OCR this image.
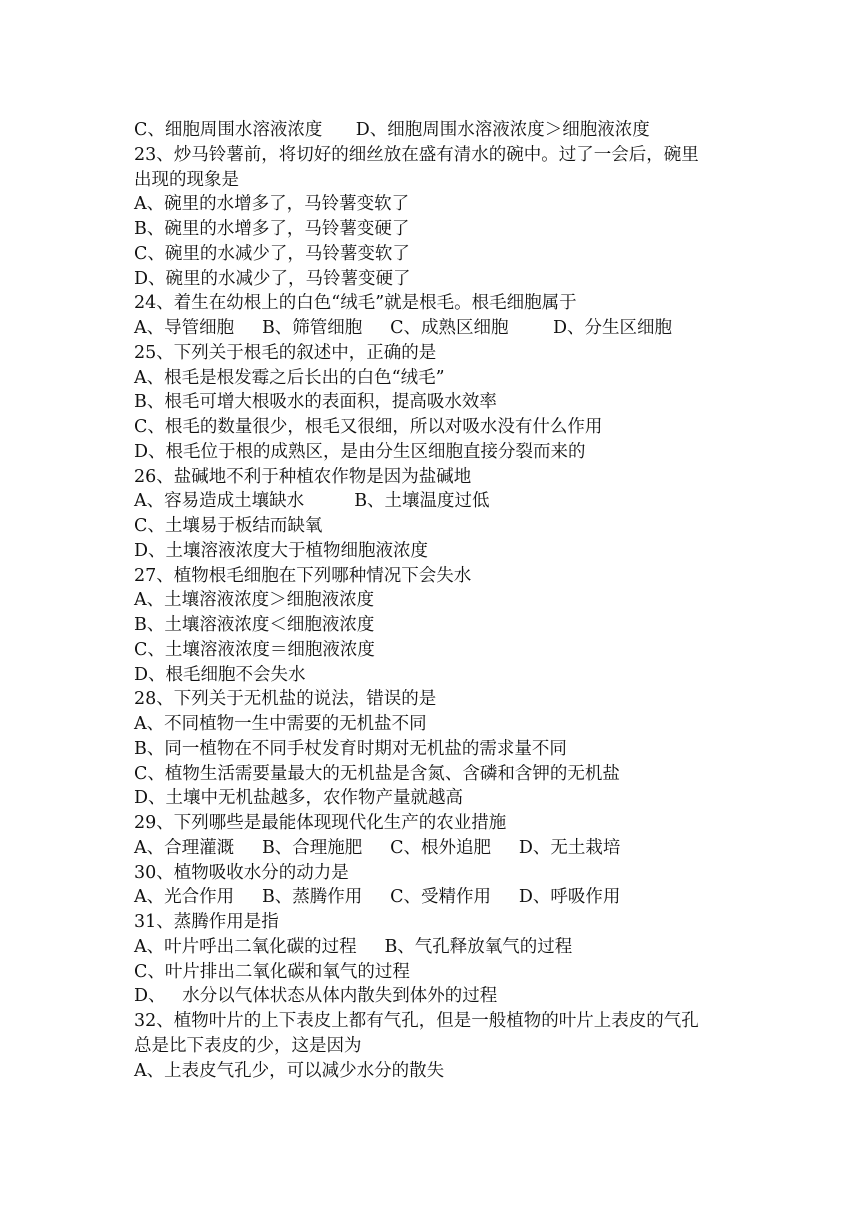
C、细胞周围水溶液浓度      D、细胞周围水溶液浓度＞细胞液浓度
23、炒马铃薯前，将切好的细丝放在盛有清水的碗中。过了一会后，碗里
出现的现象是
A、碗里的水增多了，马铃薯变软了
B、碗里的水增多了，马铃薯变硬了
C、碗里的水减少了，马铃薯变软了
D、碗里的水减少了，马铃薯变硬了
24、着生在幼根上的白色“绒毛”就是根毛。根毛细胞属于
A、导管细胞     B、筛管细胞     C、成熟区细胞        D、分生区细胞
25、下列关于根毛的叙述中，正确的是
A、根毛是根发霉之后长出的白色“绒毛”
B、根毛可增大根吸水的表面积，提高吸水效率
C、根毛的数量很少，根毛又很细，所以对吸水没有什么作用
D、根毛位于根的成熟区，是由分生区细胞直接分裂而来的
26、盐碱地不利于种植农作物是因为盐碱地
A、容易造成土壤缺水         B、土壤温度过低
C、土壤易于板结而缺氧
D、土壤溶液浓度大于植物细胞液浓度
27、植物根毛细胞在下列哪种情况下会失水
A、土壤溶液浓度＞细胞液浓度
B、土壤溶液浓度＜细胞液浓度
C、土壤溶液浓度＝细胞液浓度
D、根毛细胞不会失水
28、下列关于无机盐的说法，错误的是
A、不同植物一生中需要的无机盐不同
B、同一植物在不同手杖发育时期对无机盐的需求量不同
C、植物生活需要量最大的无机盐是含氮、含磷和含钾的无机盐
D、土壤中无机盐越多，农作物产量就越高
29、下列哪些是最能体现现代化生产的农业措施
A、合理灌溉     B、合理施肥     C、根外追肥     D、无土栽培
30、植物吸收水分的动力是
A、光合作用     B、蒸腾作用     C、受精作用     D、呼吸作用
31、蒸腾作用是指
A、叶片呼出二氧化碳的过程     B、气孔释放氧气的过程
C、叶片排出二氧化碳和氧气的过程
D、   水分以气体状态从体内散失到体外的过程
32、植物叶片的上下表皮上都有气孔，但是一般植物的叶片上表皮的气孔
总是比下表皮的少，这是因为
A、上表皮气孔少，可以减少水分的散失
